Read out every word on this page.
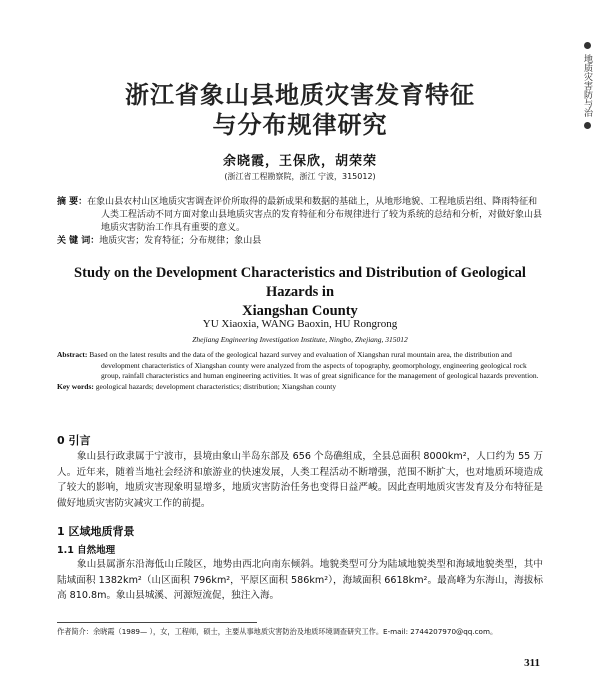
地质灾害防与治

浙江省象山县地质灾害发育特征
与分布规律研究
余晓霞，王保欣，胡荣荣
(浙江省工程勘察院，浙江 宁波，315012)
摘 要：在象山县农村山区地质灾害调查评价所取得的最新成果和数据的基础上，从地形地貌、工程地质岩组、降雨特征和人类工程活动不同方面对象山县地质灾害点的发育特征和分布规律进行了较为系统的总结和分析，对做好象山县地质灾害防治工作具有重要的意义。
关 键 词：地质灾害；发育特征；分布规律；象山县
Study on the Development Characteristics and Distribution of Geological Hazards in
Xiangshan County
YU Xiaoxia, WANG Baoxin, HU Rongrong
Zhejiang Engineering Investigation Institute, Ningbo, Zhejiang, 315012
Abstract: Based on the latest results and the data of the geological hazard survey and evaluation of Xiangshan rural mountain area, the distribution and development characteristics of Xiangshan county were analyzed from the aspects of topography, geomorphology, engineering geological rock group, rainfall characteristics and human engineering activities. It was of great significance for the management of geological hazards prevention.
Key words: geological hazards; development characteristics; distribution; Xiangshan county
0 引言
象山县行政隶属于宁波市，县境由象山半岛东部及 656 个岛礁组成，全县总面积 8000km²，人口约为 55 万人。近年来，随着当地社会经济和旅游业的快速发展，人类工程活动不断增强，范围不断扩大，也对地质环境造成了较大的影响，地质灾害现象明显增多，地质灾害防治任务也变得日益严峻。因此查明地质灾害发育及分布特征是做好地质灾害防灾减灾工作的前提。
1 区域地质背景
1.1 自然地理
象山县属浙东沿海低山丘陵区，地势由西北向南东倾斜。地貌类型可分为陆域地貌类型和海域地貌类型，其中陆域面积 1382km²（山区面积 796km²，平原区面积 586km²），海域面积 6618km²。最高峰为东海山，海拔标高 810.8m。象山县城溪、河源短流促，独注入海。
作者简介：余晓霞（1989— ），女，工程师，硕士，主要从事地质灾害防治及地质环境调查研究工作。E-mail: 2744207970@qq.com。
311
